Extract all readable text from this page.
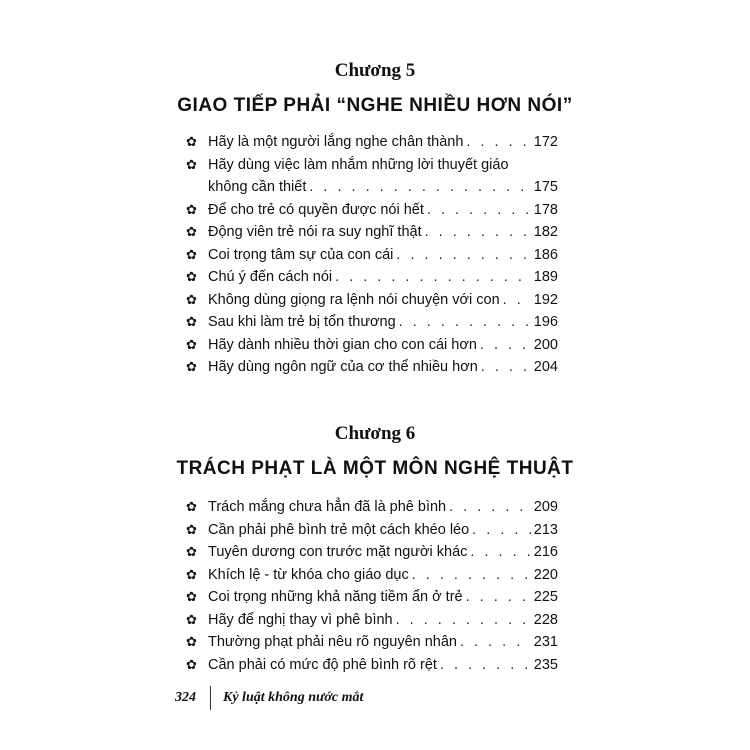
Chương 5
GIAO TIẾP PHẢI “NGHE NHIỀU HƠN NÓI”
✿ Hãy là một người lắng nghe chân thành . . .	172
✿ Hãy dùng việc làm nhắm những lời thuyết giáo
không cần thiết . . .	175
✿ Để cho trẻ có quyền được nói hết . . .	178
✿ Động viên trẻ nói ra suy nghĩ thật . . .	182
✿ Coi trọng tâm sự của con cái . . .	186
✿ Chú ý đến cách nói . . .	189
✿ Không dùng giọng ra lệnh nói chuyện với con . . . 192
✿ Sau khi làm trẻ bị tổn thương . . .	196
✿ Hãy dành nhiều thời gian cho con cái hơn . . .	200
✿ Hãy dùng ngôn ngữ của cơ thể nhiều hơn . . .	204
Chương 6
TRÁCH PHẠT LÀ MỘT MÔN NGHỆ THUẬT
✿ Trách mắng chưa hẳn đã là phê bình . . .	209
✿ Cần phải phê bình trẻ một cách khéo léo . . .	213
✿ Tuyên dương con trước mặt người khác . . .	216
✿ Khích lệ - từ khóa cho giáo dục . . .	220
✿ Coi trọng những khả năng tiềm ẩn ở trẻ . . .	225
✿ Hãy để nghị thay vì phê bình . . .	228
✿ Thường phạt phải nêu rõ nguyên nhân . . .	231
✿ Cần phải có mức độ phê bình rõ rệt . . .	235
324 Kỷ luật không nước mắt
